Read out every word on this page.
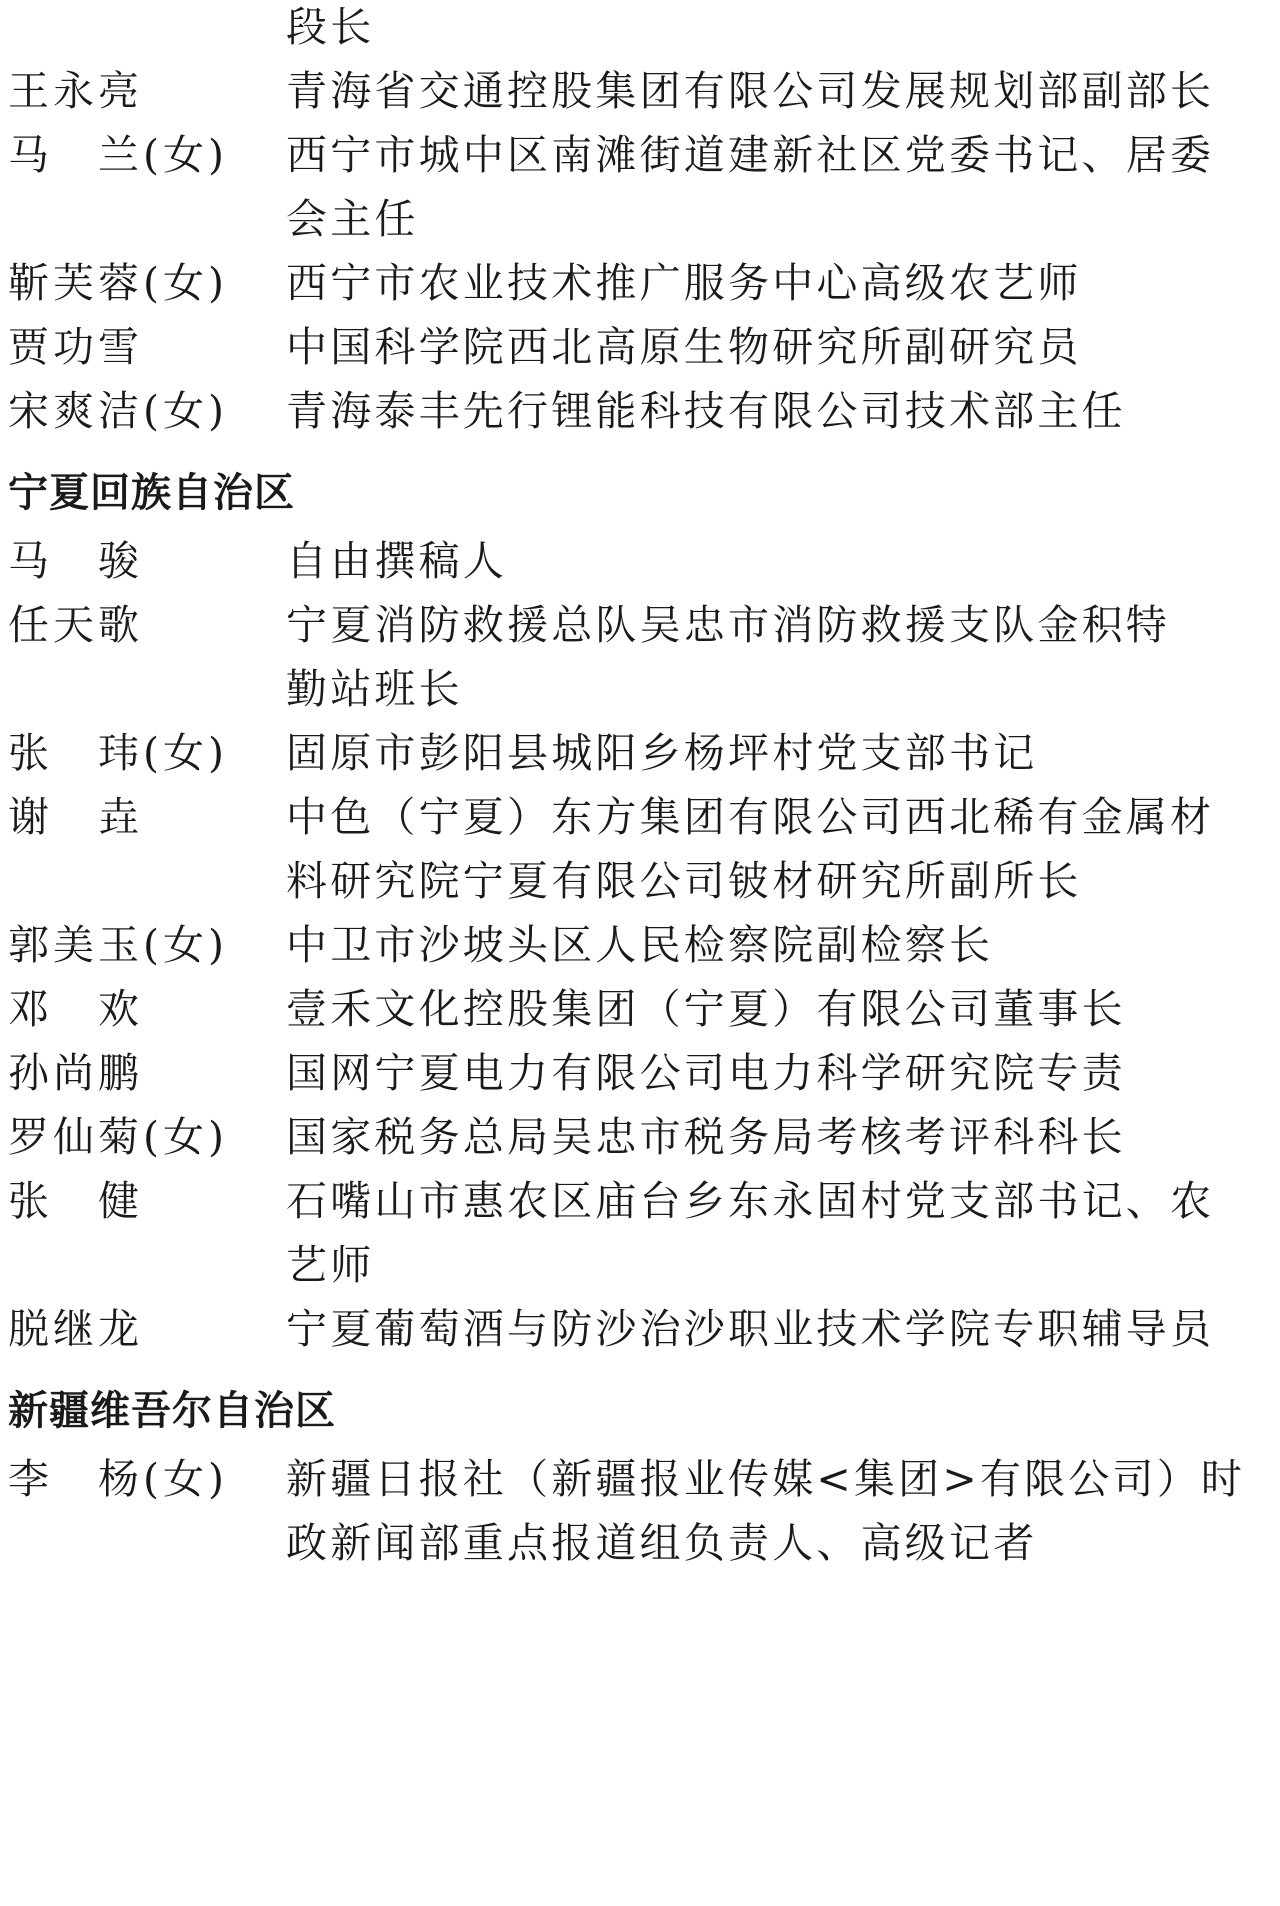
段长
王永亮	青海省交通控股集团有限公司发展规划部副部长
马　兰(女) 西宁市城中区南滩街道建新社区党委书记、居委
会主任
靳芙蓉(女) 西宁市农业技术推广服务中心高级农艺师
贾功雪	中国科学院西北高原生物研究所副研究员
宋爽洁(女) 青海泰丰先行锂能科技有限公司技术部主任
宁夏回族自治区
马　骏	自由撰稿人
任天歌	宁夏消防救援总队吴忠市消防救援支队金积特
勤站班长
张　玮(女) 固原市彭阳县城阳乡杨坪村党支部书记
谢　垚	中色（宁夏）东方集团有限公司西北稀有金属材
料研究院宁夏有限公司铍材研究所副所长
郭美玉(女) 中卫市沙坡头区人民检察院副检察长
邓　欢	壹禾文化控股集团（宁夏）有限公司董事长
孙尚鹏	国网宁夏电力有限公司电力科学研究院专责
罗仙菊(女) 国家税务总局吴忠市税务局考核考评科科长
张　健	石嘴山市惠农区庙台乡东永固村党支部书记、农
艺师
脱继龙	宁夏葡萄酒与防沙治沙职业技术学院专职辅导员
新疆维吾尔自治区
李　杨(女) 新疆日报社（新疆报业传媒<集团>有限公司）时
政新闻部重点报道组负责人、高级记者
